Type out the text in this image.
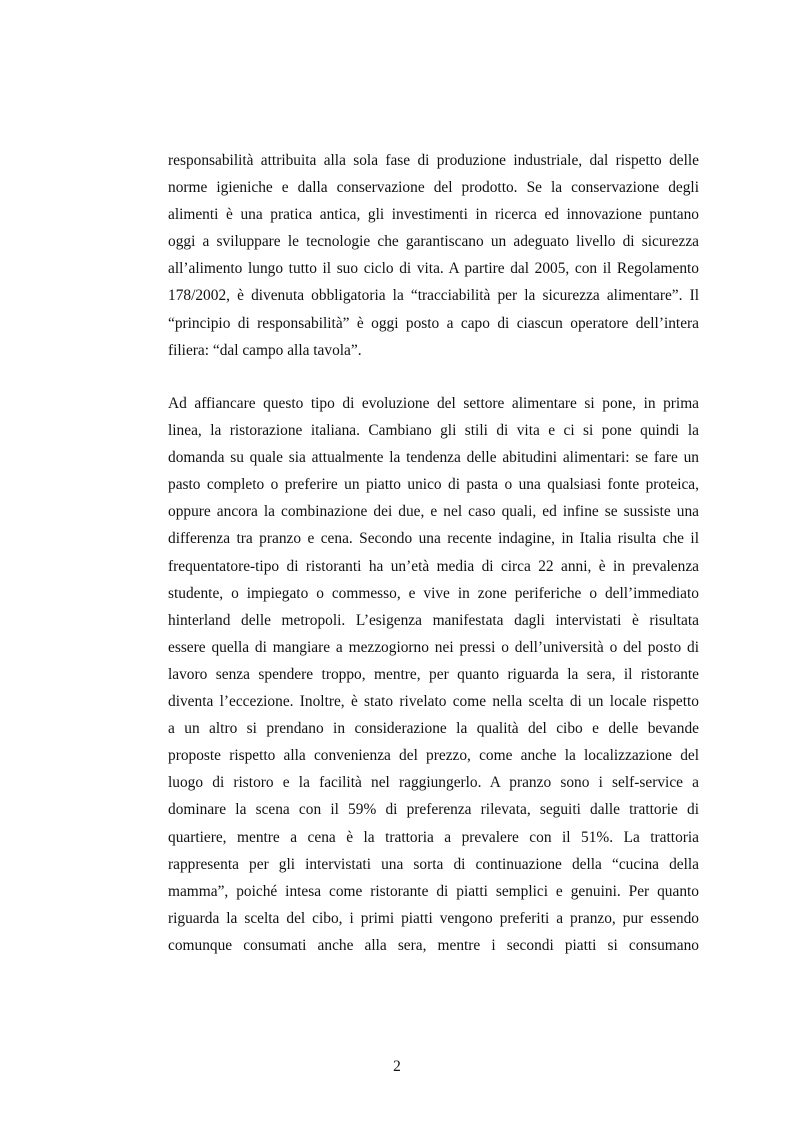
responsabilità attribuita alla sola fase di produzione industriale, dal rispetto delle
norme igieniche e dalla conservazione del prodotto. Se la conservazione degli
alimenti è una pratica antica, gli investimenti in ricerca ed innovazione puntano
oggi a sviluppare le tecnologie che garantiscano un adeguato livello di sicurezza
all’alimento lungo tutto il suo ciclo di vita. A partire dal 2005, con il Regolamento
178/2002, è divenuta obbligatoria la “tracciabilità per la sicurezza alimentare”. Il
“principio di responsabilità” è oggi posto a capo di ciascun operatore dell’intera
filiera: “dal campo alla tavola”.
Ad affiancare questo tipo di evoluzione del settore alimentare si pone, in prima
linea, la ristorazione italiana. Cambiano gli stili di vita e ci si pone quindi la
domanda su quale sia attualmente la tendenza delle abitudini alimentari: se fare un
pasto completo o preferire un piatto unico di pasta o una qualsiasi fonte proteica,
oppure ancora la combinazione dei due, e nel caso quali, ed infine se sussiste una
differenza tra pranzo e cena. Secondo una recente indagine, in Italia risulta che il
frequentatore-tipo di ristoranti ha un’età media di circa 22 anni, è in prevalenza
studente, o impiegato o commesso, e vive in zone periferiche o dell’immediato
hinterland delle metropoli. L’esigenza manifestata dagli intervistati è risultata
essere quella di mangiare a mezzogiorno nei pressi o dell’università o del posto di
lavoro senza spendere troppo, mentre, per quanto riguarda la sera, il ristorante
diventa l’eccezione. Inoltre, è stato rivelato come nella scelta di un locale rispetto
a un altro si prendano in considerazione la qualità del cibo e delle bevande
proposte rispetto alla convenienza del prezzo, come anche la localizzazione del
luogo di ristoro e la facilità nel raggiungerlo. A pranzo sono i self-service a
dominare la scena con il 59% di preferenza rilevata, seguiti dalle trattorie di
quartiere, mentre a cena è la trattoria a prevalere con il 51%. La trattoria
rappresenta per gli intervistati una sorta di continuazione della “cucina della
mamma”, poiché intesa come ristorante di piatti semplici e genuini. Per quanto
riguarda la scelta del cibo, i primi piatti vengono preferiti a pranzo, pur essendo
comunque consumati anche alla sera, mentre i secondi piatti si consumano
2
